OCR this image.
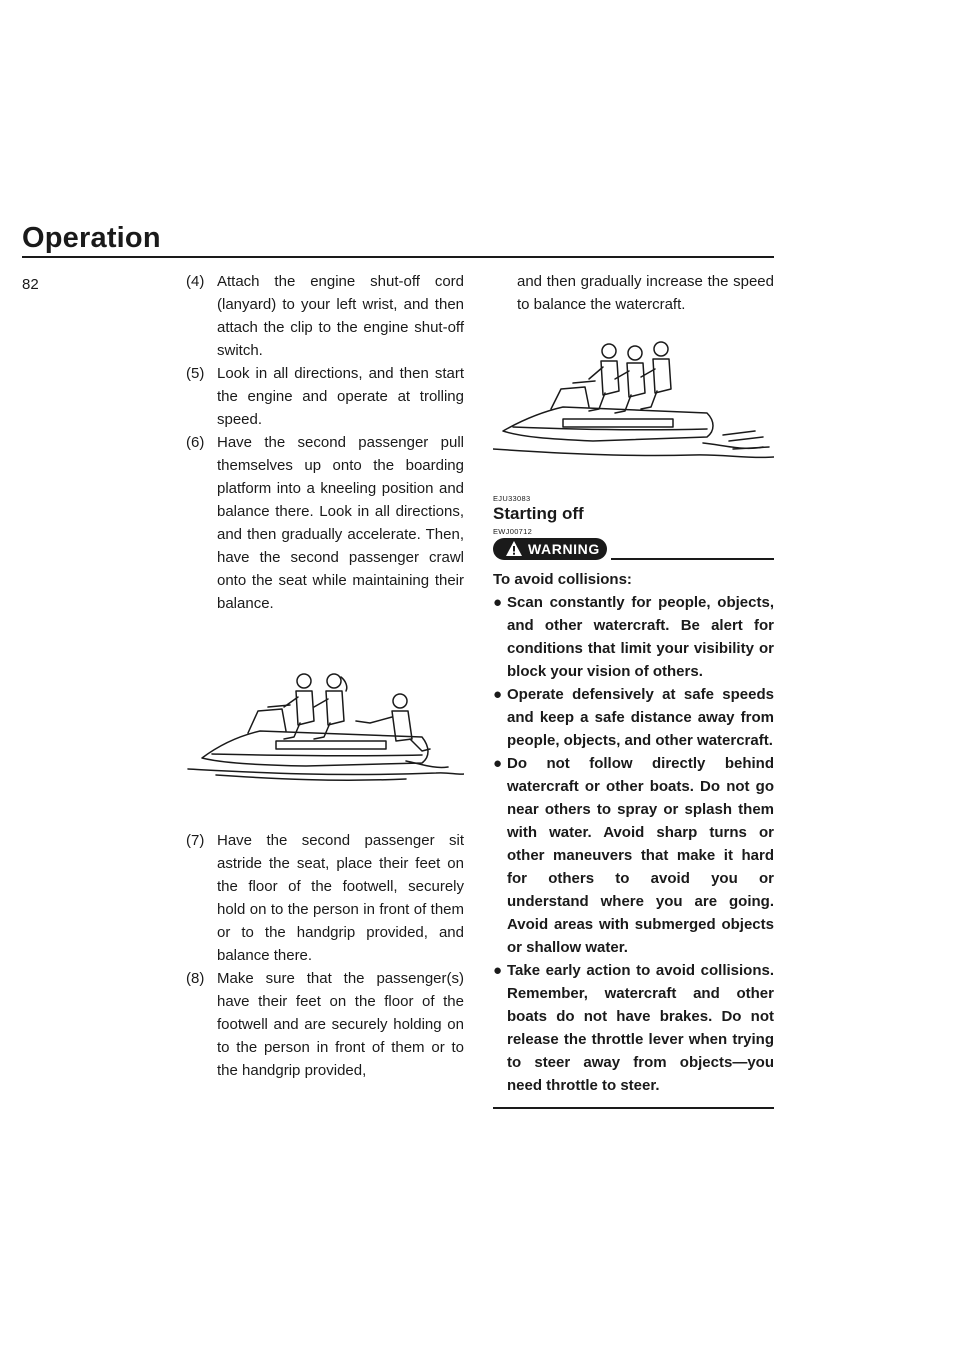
Operation
82	(4) Attach the engine shut-off cord (lanyard) to your left wrist, and then attach the clip to the engine shut-off switch.

(5) Look in all directions, and then start the engine and operate at trolling speed.

(6) Have the second passenger pull themselves up onto the boarding platform into a kneeling position and balance there. Look in all directions, and then gradually accelerate. Then, have the second passenger crawl onto the seat while maintaining their balance.

(7) Have the second passenger sit astride the seat, place their feet on the floor of the footwell, securely hold on to the person in front of them or to the handgrip provided, and balance there.

(8) Make sure that the passenger(s) have their feet on the floor of the footwell and are securely holding on to the person in front of them or to the handgrip provided,

and then gradually increase the speed to balance the watercraft.

EJU33083

Starting off

EWJ00712

WARNING

To avoid collisions:

● Scan constantly for people, objects, and other watercraft. Be alert for conditions that limit your visibility or block your vision of others.
● Operate defensively at safe speeds and keep a safe distance away from people, objects, and other watercraft.
● Do not follow directly behind watercraft or other boats. Do not go near others to spray or splash them with water. Avoid sharp turns or other maneuvers that make it hard for others to avoid you or understand where you are going. Avoid areas with submerged objects or shallow water.
● Take early action to avoid collisions. Remember, watercraft and other boats do not have brakes. Do not release the throttle lever when trying to steer away from objects—you need throttle to steer.
